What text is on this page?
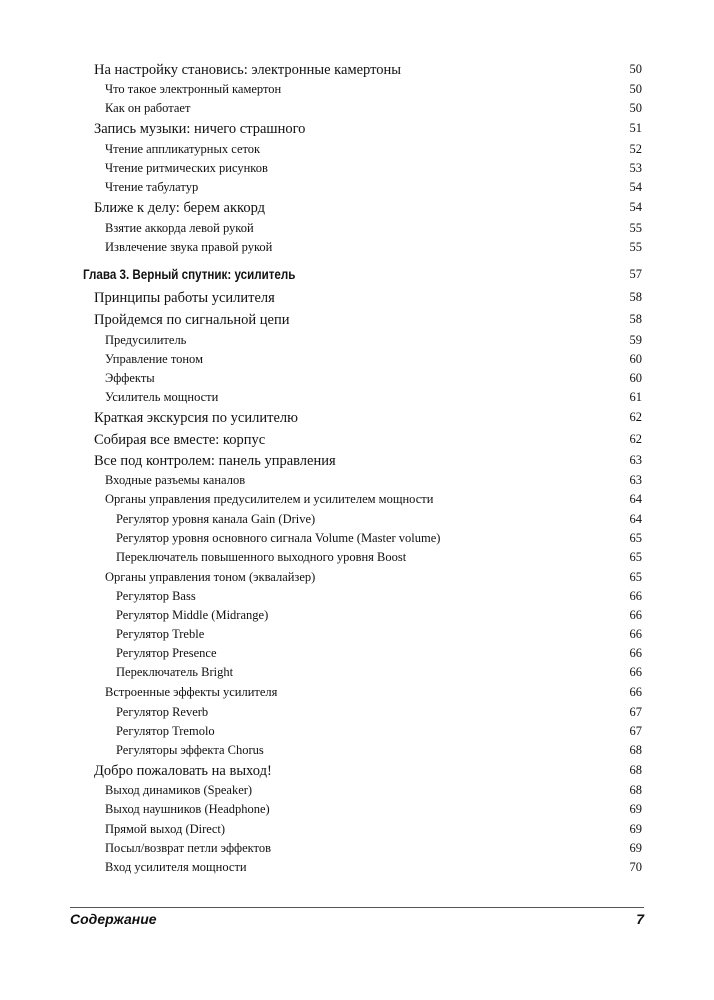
На настройку становись: электронные камертоны	50
Что такое электронный камертон	50
Как он работает	50
Запись музыки: ничего страшного	51
Чтение аппликатурных сеток	52
Чтение ритмических рисунков	53
Чтение табулатур	54
Ближе к делу: берем аккорд	54
Взятие аккорда левой рукой	55
Извлечение звука правой рукой	55
Глава 3. Верный спутник: усилитель	57
Принципы работы усилителя	58
Пройдемся по сигнальной цепи	58
Предусилитель	59
Управление тоном	60
Эффекты	60
Усилитель мощности	61
Краткая экскурсия по усилителю	62
Собирая все вместе: корпус	62
Все под контролем: панель управления	63
Входные разъемы каналов	63
Органы управления предусилителем и усилителем мощности	64
Регулятор уровня канала Gain (Drive)	64
Регулятор уровня основного сигнала Volume (Master volume)	65
Переключатель повышенного выходного уровня Boost	65
Органы управления тоном (эквалайзер)	65
Регулятор Bass	66
Регулятор Middle (Midrange)	66
Регулятор Treble	66
Регулятор Presence	66
Переключатель Bright	66
Встроенные эффекты усилителя	66
Регулятор Reverb	67
Регулятор Tremolo	67
Регуляторы эффекта Chorus	68
Добро пожаловать на выход!	68
Выход динамиков (Speaker)	68
Выход наушников (Headphone)	69
Прямой выход (Direct)	69
Посыл/возврат петли эффектов	69
Вход усилителя мощности	70
Содержание	7
